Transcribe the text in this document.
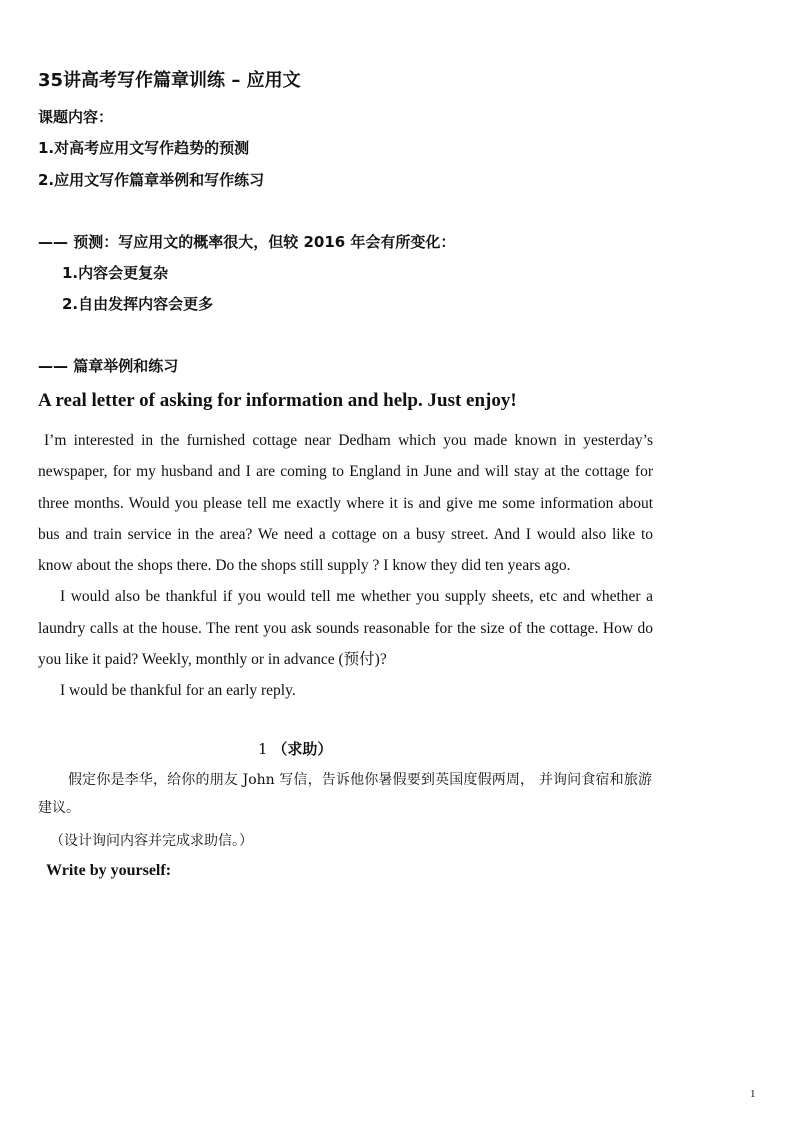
35讲高考写作篇章训练 – 应用文
课题内容：
1.对高考应用文写作趋势的预测
2.应用文写作篇章举例和写作练习
—— 预测：写应用文的概率很大，但较 2016 年会有所变化：
1.内容会更复杂
2.自由发挥内容会更多
—— 篇章举例和练习
A real letter of asking for information and help. Just enjoy!

I’m interested in the furnished cottage near Dedham which you made known in yesterday’s newspaper, for my husband and I are coming to England in June and will stay at the cottage for three months. Would you please tell me exactly where it is and give me some information about bus and train service in the area? We need a cottage on a busy street. And I would also like to know about the shops there. Do the shops still supply ? I know they did ten years ago.

I would also be thankful if you would tell me whether you supply sheets, etc and whether a laundry calls at the house. The rent you ask sounds reasonable for the size of the cottage. How do you like it paid? Weekly, monthly or in advance (预付)?

I would be thankful for an early reply.

1 （求助）

假定你是李华，给你的朋友 John 写信，告诉他你暑假要到英国度假两周， 并询问食宿和旅游建议。

（设计询问内容并完成求助信。）
Write by yourself:
1
